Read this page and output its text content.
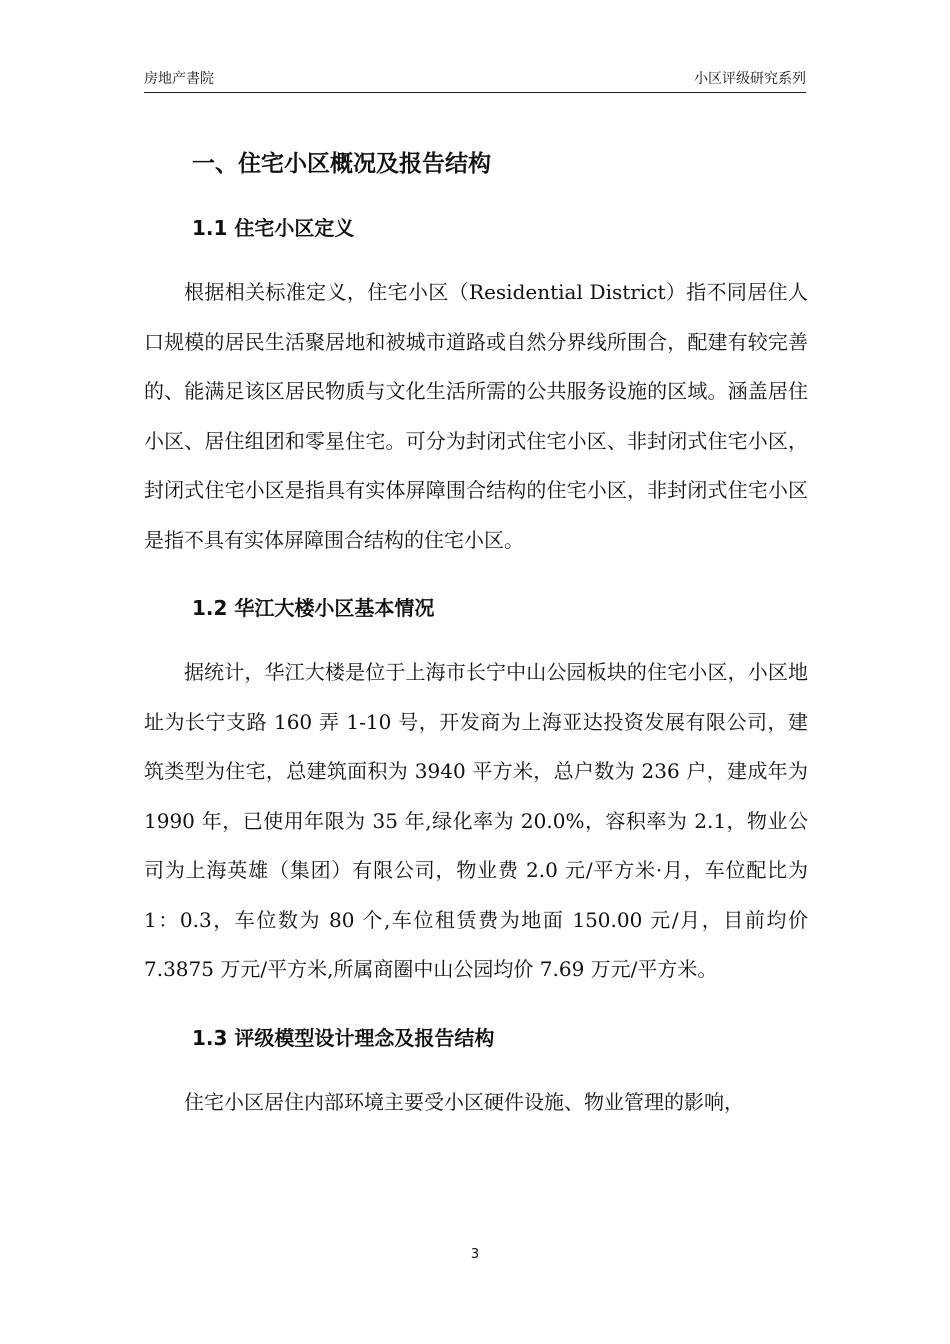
房地产書院	小区评级研究系列
一、住宅小区概况及报告结构
1.1 住宅小区定义

根据相关标准定义，住宅小区（Residential District）指不同居住人口规模的居民生活聚居地和被城市道路或自然分界线所围合，配建有较完善的、能满足该区居民物质与文化生活所需的公共服务设施的区域。涵盖居住小区、居住组团和零星住宅。可分为封闭式住宅小区、非封闭式住宅小区，封闭式住宅小区是指具有实体屏障围合结构的住宅小区，非封闭式住宅小区是指不具有实体屏障围合结构的住宅小区。

1.2 华江大楼小区基本情况

据统计，华江大楼是位于上海市长宁中山公园板块的住宅小区，小区地址为长宁支路 160 弄 1-10 号，开发商为上海亚达投资发展有限公司，建筑类型为住宅，总建筑面积为 3940 平方米，总户数为 236 户，建成年为 1990 年，已使用年限为 35 年,绿化率为 20.0%，容积率为 2.1，物业公司为上海英雄（集团）有限公司，物业费 2.0 元/平方米·月，车位配比为 1：0.3，车位数为 80 个,车位租赁费为地面 150.00 元/月，目前均价 7.3875 万元/平方米,所属商圈中山公园均价 7.69 万元/平方米。

1.3 评级模型设计理念及报告结构

住宅小区居住内部环境主要受小区硬件设施、物业管理的影响，

3
